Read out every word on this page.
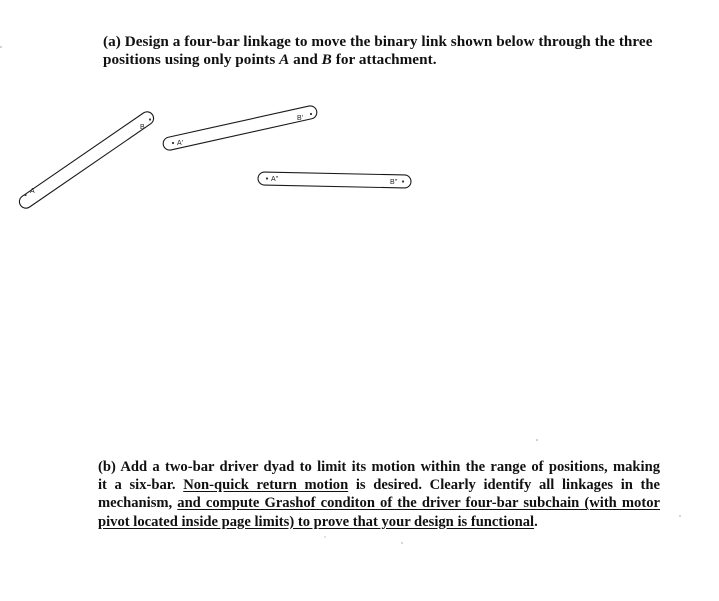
(a) Design a four-bar linkage to move the binary link shown below through the three
positions using only points A and B for attachment.
A
B
A'
B'
A"	B"
(b) Add a two-bar driver dyad to limit its motion within the range of positions, making
it a six-bar. Non-quick return motion is desired. Clearly identify all linkages in the
mechanism, and compute Grashof conditon of the driver four-bar subchain (with motor
pivot located inside page limits) to prove that your design is functional.
